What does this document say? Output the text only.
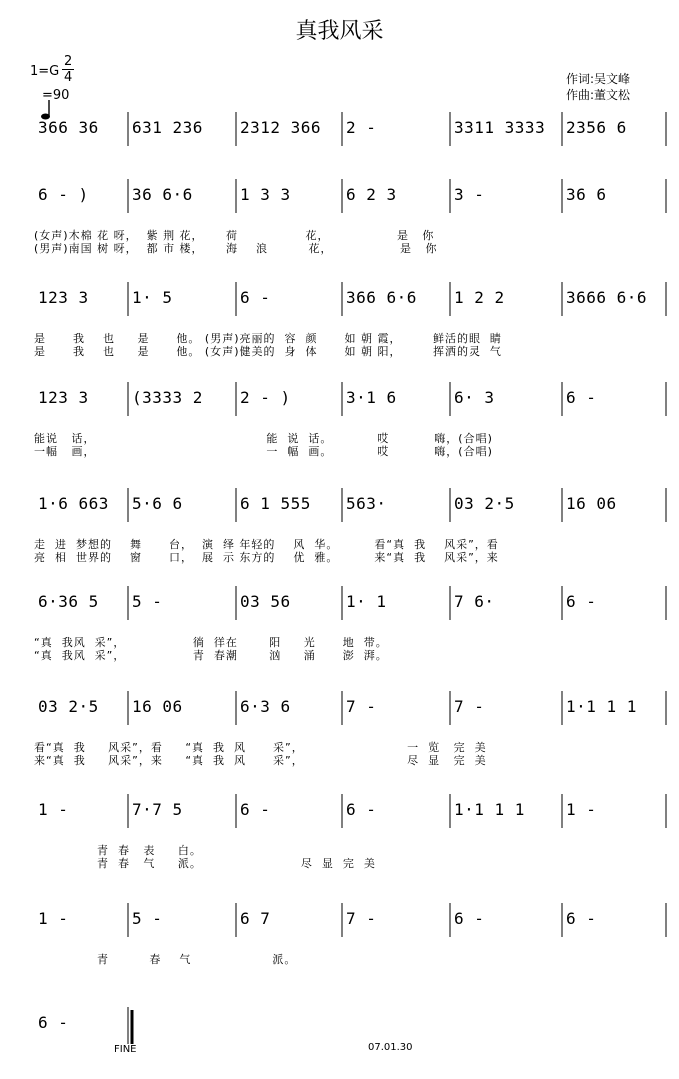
真我风采
1=G
2
4

=90
作词:吴文峰
作曲:董文松
366 36 631 236 2312 366 2 -	3311 3333 2356 6
6 - )	36 6·6	1 3 3	6 2 3	3 -	36 6
(女声)木棉 花 呀，  紫 荆 花，     荷               花，               是   你
(男声)南国 树 呀，  都 市 楼，     海    浪         花，               是   你
123 3	1· 5	6 -	366 6·6 1 2 2	3666 6·6
是      我    也     是      他。 (男声)亮丽的  容  颜      如 朝 霞，       鲜活的眼  睛
是      我    也     是      他。 (女声)健美的  身  体      如 朝 阳，       挥洒的灵  气
123 3	(3333 2 2 - )	3·1 6	6· 3	6 -
能说   话，                                      能  说  话。          哎          嗨，(合唱)
一幅   画，                                      一  幅  画。          哎          嗨，(合唱)
1·6 663 5·6 6	6 1 555 563·	03 2·5	16 06
走  进  梦想的    舞      台，  演  绎 年轻的    风  华。        看“真  我    风采”，看
亮  相  世界的    窗      口，  展  示 东方的    优  雅。        来“真  我    风采”，来
6·36 5 5 -	03 56	1· 1	7 6·	6 -
“真  我风  采”，               徜  徉在       阳     光      地  带。
“真  我风  采”，               青  春潮       汹     涌      澎  湃。
03 2·5 16 06	6·3 6	7 -	7 -	1·1 1 1
看“真  我     风采”，看     “真  我  风      采”，                       一  览   完  美
来“真  我     风采”，来     “真  我  风      采”，                       尽  显   完  美
1 -	7·7 5	6 -	6 -	1·1 1 1	1 -
青  春   表     白。
青  春   气     派。                      尽  显  完  美
1 -	5 -	6 7	7 -	6 -	6 -
青         春    气                  派。
6 -
FINE	07.01.30
